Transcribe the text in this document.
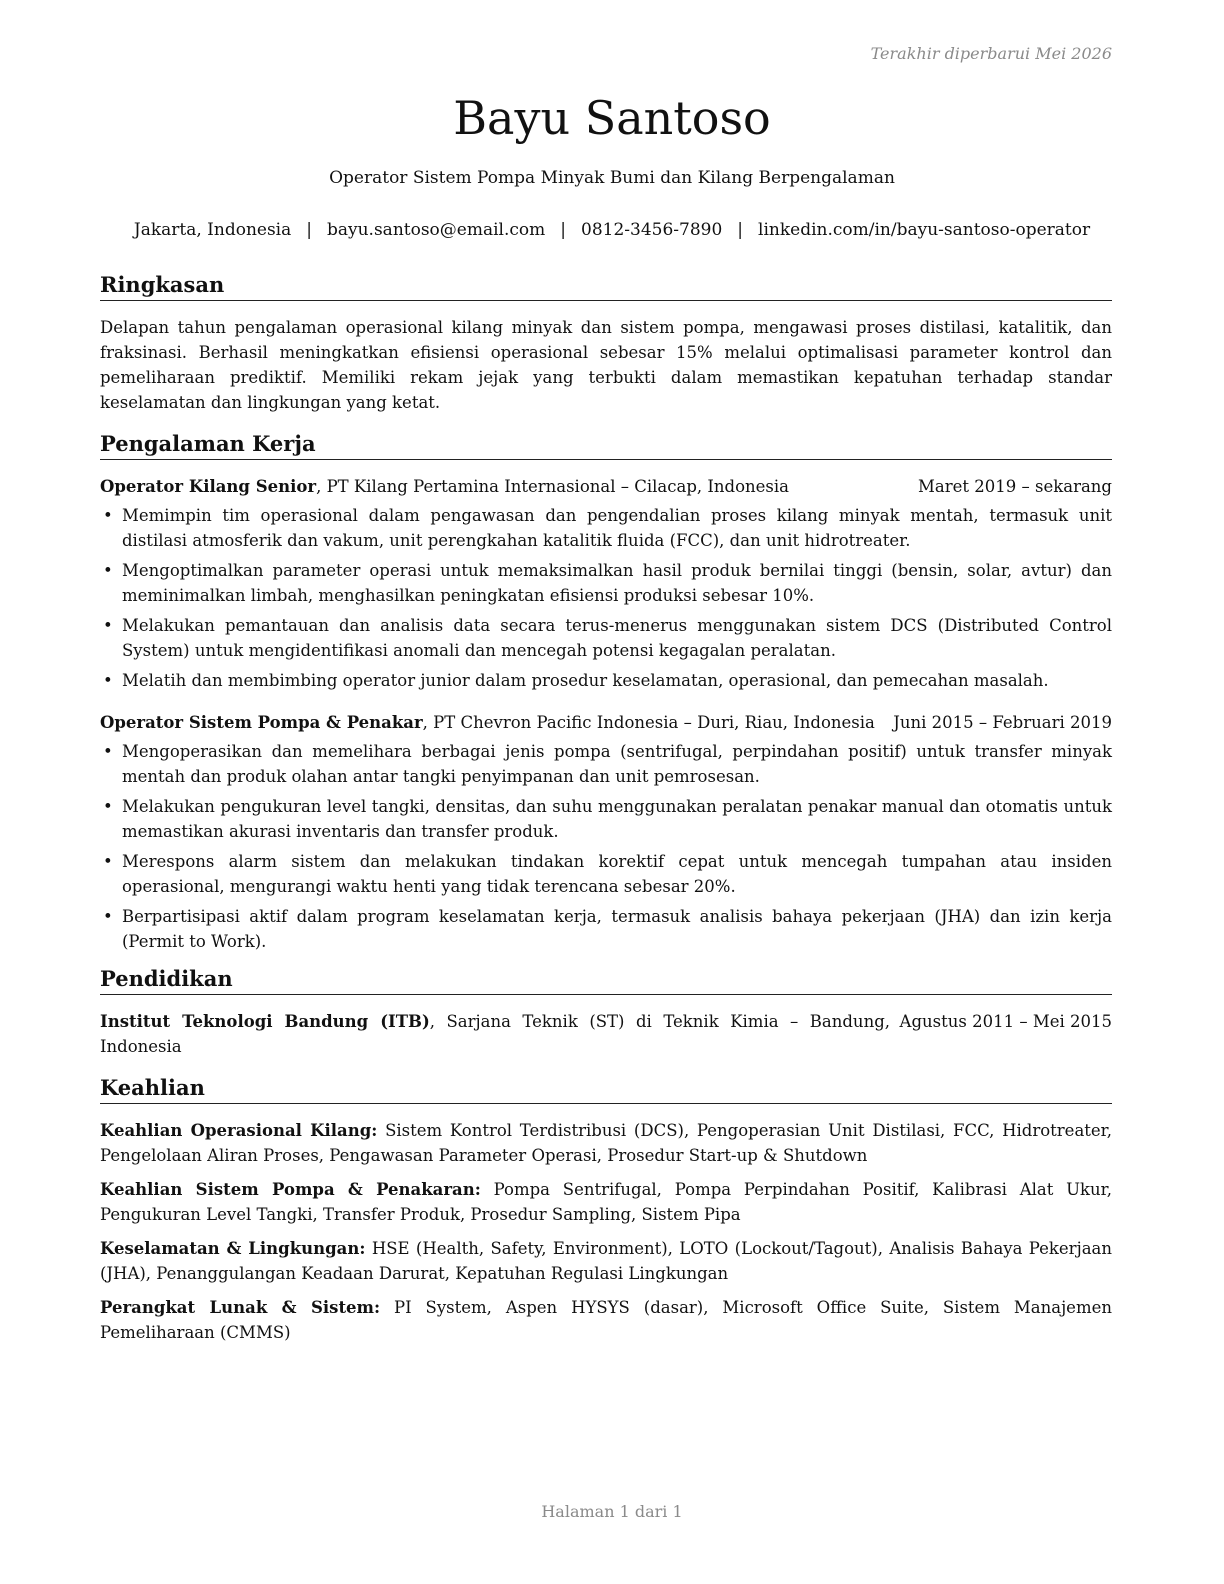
Terakhir diperbarui Mei 2026
Bayu Santoso
Operator Sistem Pompa Minyak Bumi dan Kilang Berpengalaman
Jakarta, Indonesia | bayu.santoso@email.com | 0812-3456-7890 | linkedin.com/in/bayu-santoso-operator
Ringkasan

Delapan tahun pengalaman operasional kilang minyak dan sistem pompa, mengawasi proses distilasi, katalitik, dan fraksinasi. Berhasil meningkatkan efisiensi operasional sebesar 15% melalui optimalisasi parameter kontrol dan pemeliharaan prediktif. Memiliki rekam jejak yang terbukti dalam memastikan kepatuhan terhadap standar keselamatan dan lingkungan yang ketat.

Pengalaman Kerja
Operator Kilang Senior, PT Kilang Pertamina Internasional – Cilacap, Indonesia	Maret 2019 – sekarang
• Memimpin tim operasional dalam pengawasan dan pengendalian proses kilang minyak mentah, termasuk unit distilasi atmosferik dan vakum, unit perengkahan katalitik fluida (FCC), dan unit hidrotreater.
• Mengoptimalkan parameter operasi untuk memaksimalkan hasil produk bernilai tinggi (bensin, solar, avtur) dan meminimalkan limbah, menghasilkan peningkatan efisiensi produksi sebesar 10%.
• Melakukan pemantauan dan analisis data secara terus-menerus menggunakan sistem DCS (Distributed Control System) untuk mengidentifikasi anomali dan mencegah potensi kegagalan peralatan.
• Melatih dan membimbing operator junior dalam prosedur keselamatan, operasional, dan pemecahan masalah.
Operator Sistem Pompa & Penakar, PT Chevron Pacific Indonesia – Duri, Riau, Indonesia Juni 2015 – Februari 2019
• Mengoperasikan dan memelihara berbagai jenis pompa (sentrifugal, perpindahan positif) untuk transfer minyak mentah dan produk olahan antar tangki penyimpanan dan unit pemrosesan.
• Melakukan pengukuran level tangki, densitas, dan suhu menggunakan peralatan penakar manual dan otomatis untuk memastikan akurasi inventaris dan transfer produk.
• Merespons alarm sistem dan melakukan tindakan korektif cepat untuk mencegah tumpahan atau insiden operasional, mengurangi waktu henti yang tidak terencana sebesar 20%.
• Berpartisipasi aktif dalam program keselamatan kerja, termasuk analisis bahaya pekerjaan (JHA) dan izin kerja (Permit to Work).
Pendidikan
Institut Teknologi Bandung (ITB), Sarjana Teknik (ST) di Teknik Kimia – Bandung, Indonesia
Agustus 2011 – Mei 2015
Keahlian

Keahlian Operasional Kilang: Sistem Kontrol Terdistribusi (DCS), Pengoperasian Unit Distilasi, FCC, Hidrotreater, Pengelolaan Aliran Proses, Pengawasan Parameter Operasi, Prosedur Start-up & Shutdown

Keahlian Sistem Pompa & Penakaran: Pompa Sentrifugal, Pompa Perpindahan Positif, Kalibrasi Alat Ukur, Pengukuran Level Tangki, Transfer Produk, Prosedur Sampling, Sistem Pipa

Keselamatan & Lingkungan: HSE (Health, Safety, Environment), LOTO (Lockout/Tagout), Analisis Bahaya Pekerjaan (JHA), Penanggulangan Keadaan Darurat, Kepatuhan Regulasi Lingkungan

Perangkat Lunak & Sistem: PI System, Aspen HYSYS (dasar), Microsoft Office Suite, Sistem Manajemen Pemeliharaan (CMMS)

Halaman 1 dari 1
